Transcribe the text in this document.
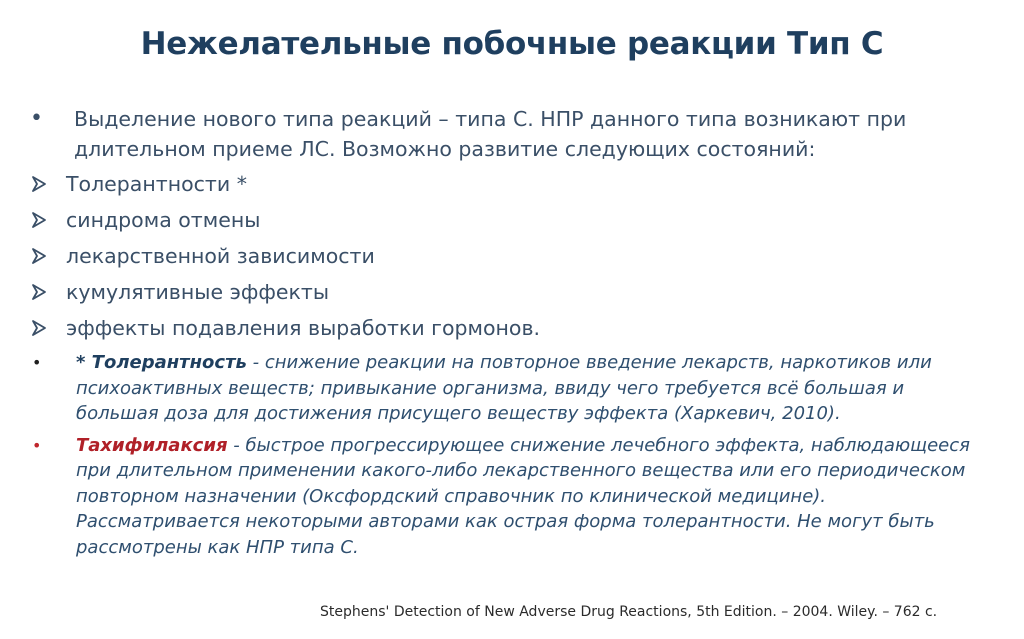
Нежелательные побочные реакции Тип С
•	Выделение нового типа реакций – типа С. НПР данного типа возникают при длительном приеме ЛС. Возможно развитие следующих состояний:
Толерантности *
синдрома отмены
лекарственной зависимости
кумулятивные эффекты
эффекты подавления выработки гормонов.
•	* Толерантность - снижение реакции на повторное введение лекарств, наркотиков или психоактивных веществ; привыкание организма, ввиду чего требуется всё большая и большая доза для достижения присущего веществу эффекта (Харкевич, 2010).
•	Тахифилаксия - быстрое прогрессирующее снижение лечебного эффекта, наблюдающееся при длительном применении какого-либо лекарственного вещества или его периодическом повторном назначении (Оксфордский справочник по клинической медицине). Рассматривается некоторыми авторами как острая форма толерантности. Не могут быть рассмотрены как НПР типа С.
Stephens' Detection of New Adverse Drug Reactions, 5th Edition. – 2004. Wiley. – 762 с.
